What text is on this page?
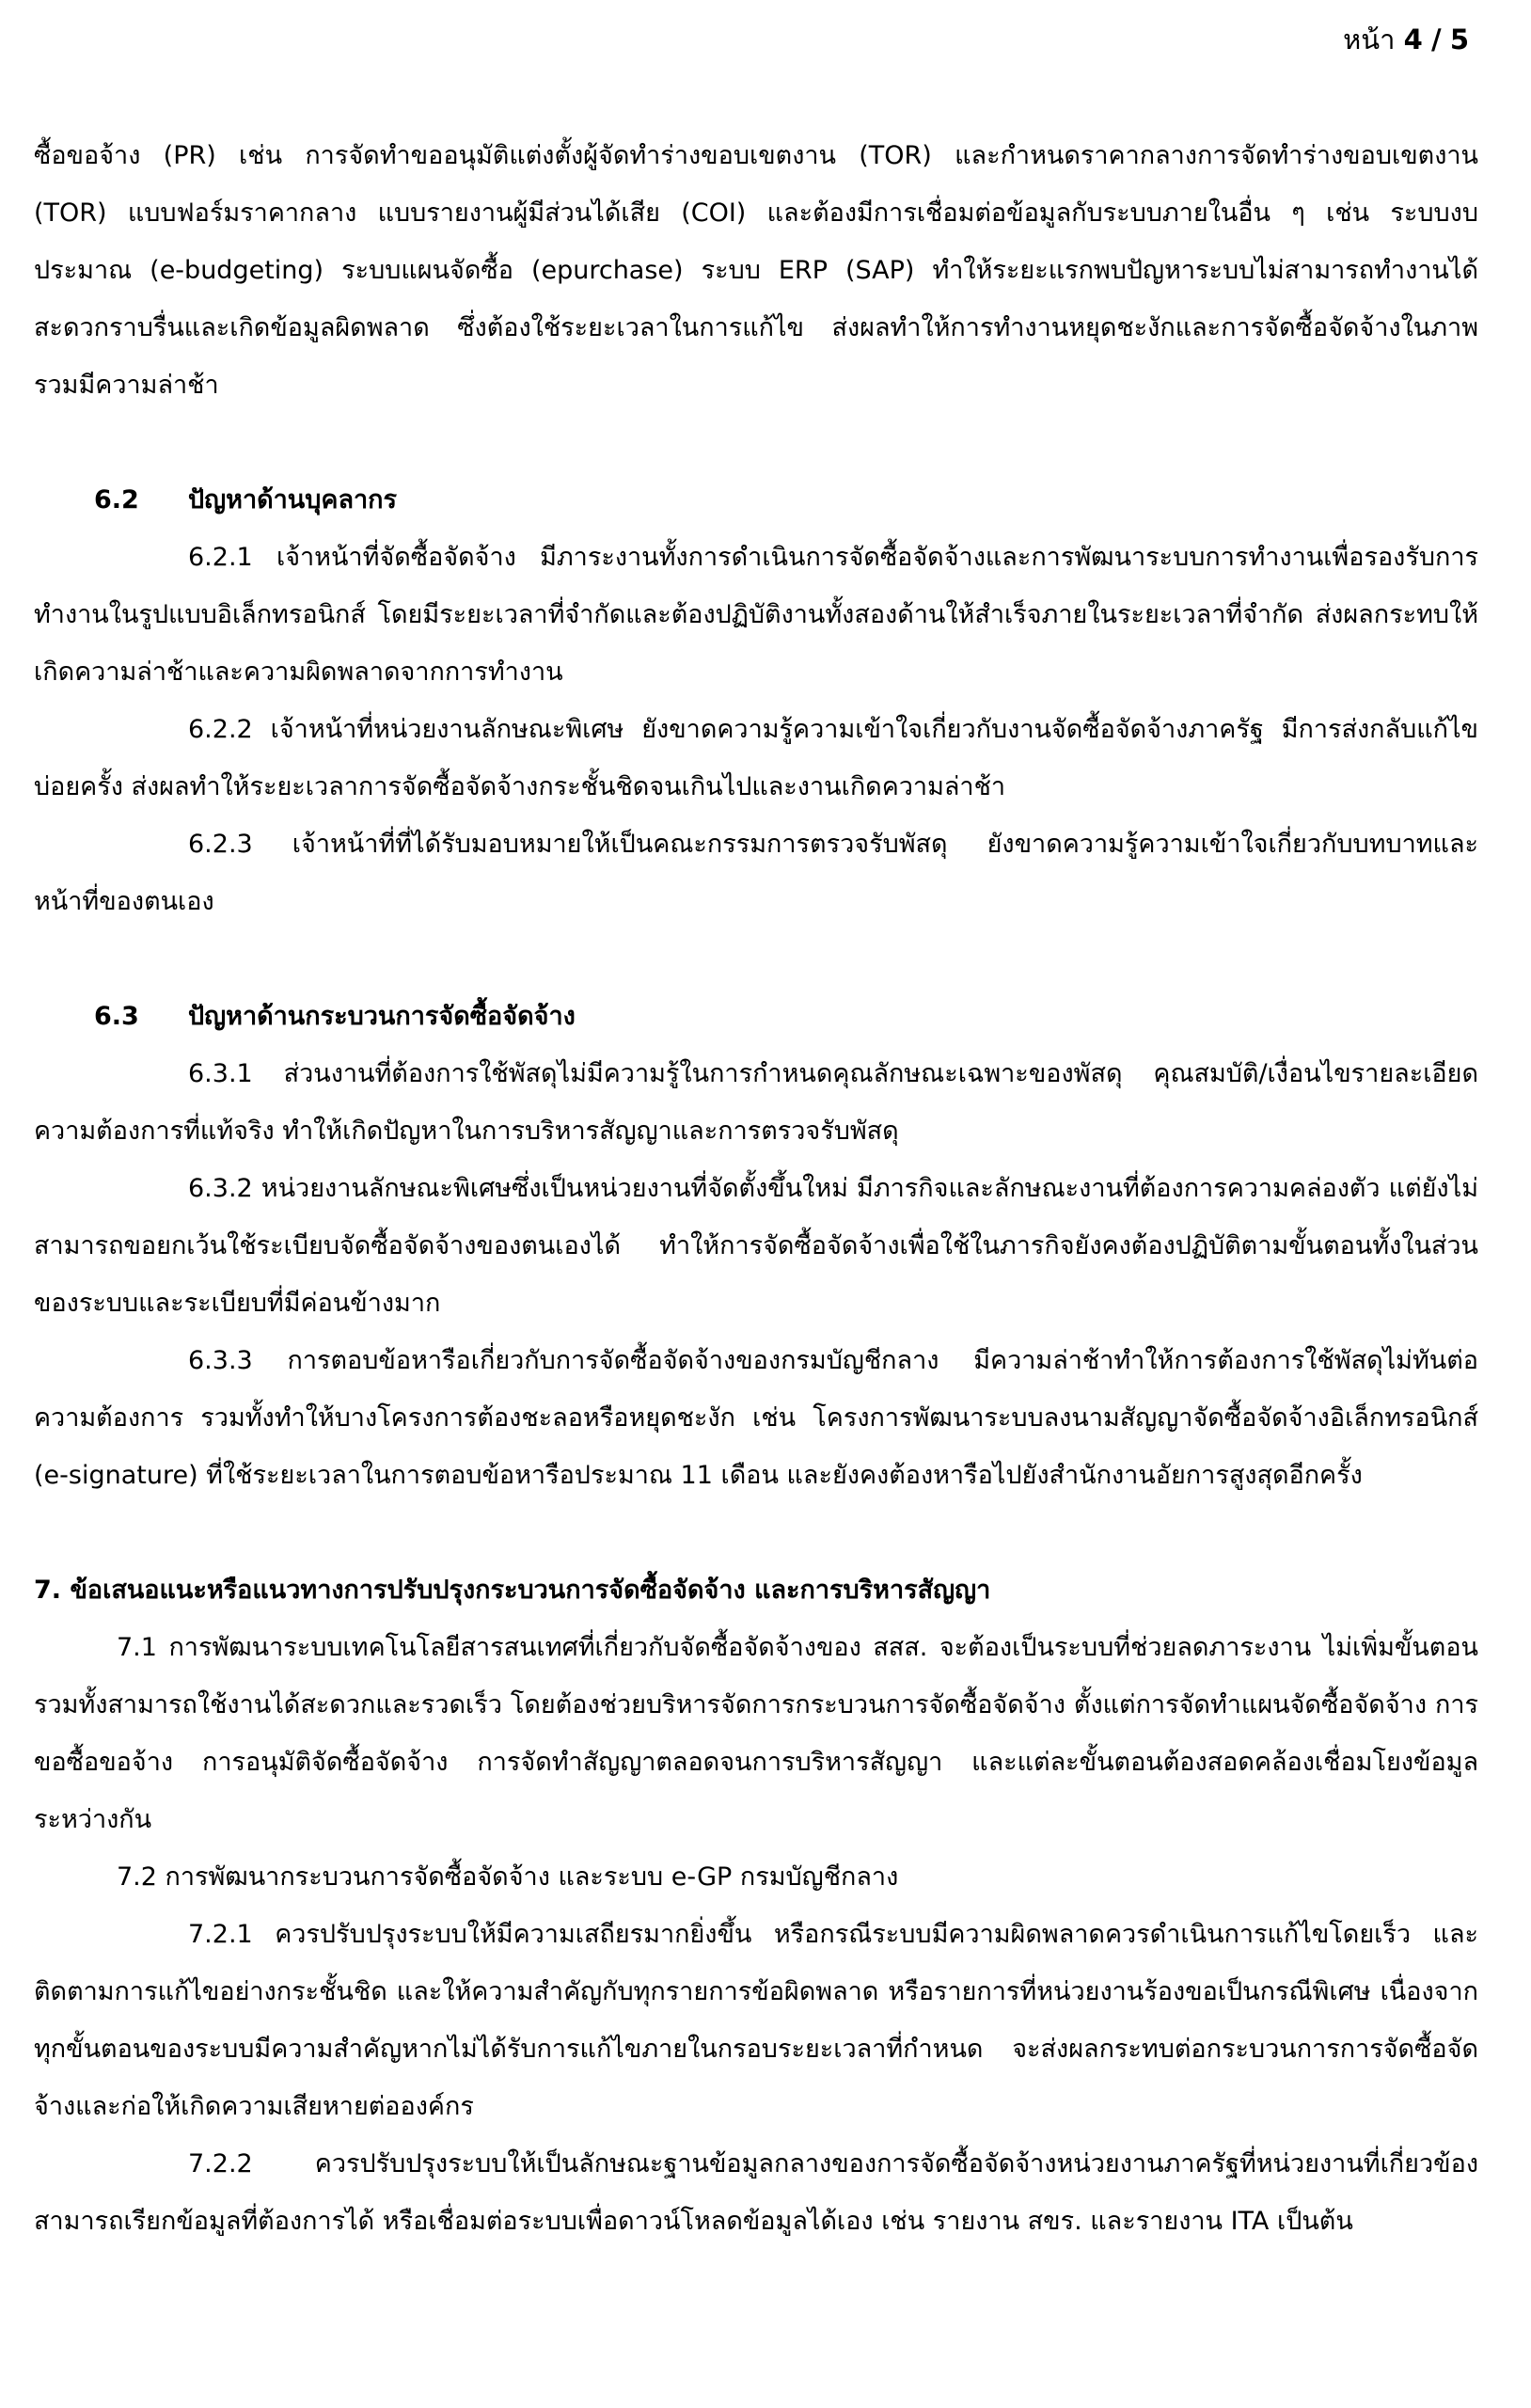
หน้า 4 / 5

ซื้อขอจ้าง (PR) เช่น การจัดทำขออนุมัติแต่งตั้งผู้จัดทำร่างขอบเขตงาน (TOR) และกำหนดราคากลางการจัดทำร่างขอบเขตงาน (TOR) แบบฟอร์มราคากลาง แบบรายงานผู้มีส่วนได้เสีย (COI) และต้องมีการเชื่อมต่อข้อมูลกับระบบภายในอื่น ๆ เช่น ระบบงบประมาณ (e-budgeting) ระบบแผนจัดซื้อ (epurchase) ระบบ ERP (SAP) ทำให้ระยะแรกพบปัญหาระบบไม่สามารถทำงานได้สะดวกราบรื่นและเกิดข้อมูลผิดพลาด ซึ่งต้องใช้ระยะเวลาในการแก้ไข ส่งผลทำให้การทำงานหยุดชะงักและการจัดซื้อจัดจ้างในภาพรวมมีความล่าช้า

6.2 ปัญหาด้านบุคลากร

6.2.1 เจ้าหน้าที่จัดซื้อจัดจ้าง มีภาระงานทั้งการดำเนินการจัดซื้อจัดจ้างและการพัฒนาระบบการทำงานเพื่อรองรับการทำงานในรูปแบบอิเล็กทรอนิกส์ โดยมีระยะเวลาที่จำกัดและต้องปฏิบัติงานทั้งสองด้านให้สำเร็จภายในระยะเวลาที่จำกัด ส่งผลกระทบให้เกิดความล่าช้าและความผิดพลาดจากการทำงาน

6.2.2 เจ้าหน้าที่หน่วยงานลักษณะพิเศษ ยังขาดความรู้ความเข้าใจเกี่ยวกับงานจัดซื้อจัดจ้างภาครัฐ มีการส่งกลับแก้ไขบ่อยครั้ง ส่งผลทำให้ระยะเวลาการจัดซื้อจัดจ้างกระชั้นชิดจนเกินไปและงานเกิดความล่าช้า

6.2.3 เจ้าหน้าที่ที่ได้รับมอบหมายให้เป็นคณะกรรมการตรวจรับพัสดุ ยังขาดความรู้ความเข้าใจเกี่ยวกับบทบาทและหน้าที่ของตนเอง

6.3 ปัญหาด้านกระบวนการจัดซื้อจัดจ้าง

6.3.1 ส่วนงานที่ต้องการใช้พัสดุไม่มีความรู้ในการกำหนดคุณลักษณะเฉพาะของพัสดุ คุณสมบัติ/เงื่อนไขรายละเอียดความต้องการที่แท้จริง ทำให้เกิดปัญหาในการบริหารสัญญาและการตรวจรับพัสดุ

6.3.2 หน่วยงานลักษณะพิเศษซึ่งเป็นหน่วยงานที่จัดตั้งขึ้นใหม่ มีภารกิจและลักษณะงานที่ต้องการความคล่องตัว แต่ยังไม่สามารถขอยกเว้นใช้ระเบียบจัดซื้อจัดจ้างของตนเองได้ ทำให้การจัดซื้อจัดจ้างเพื่อใช้ในภารกิจยังคงต้องปฏิบัติตามขั้นตอนทั้งในส่วนของระบบและระเบียบที่มีค่อนข้างมาก

6.3.3 การตอบข้อหารือเกี่ยวกับการจัดซื้อจัดจ้างของกรมบัญชีกลาง มีความล่าช้าทำให้การต้องการใช้พัสดุไม่ทันต่อความต้องการ รวมทั้งทำให้บางโครงการต้องชะลอหรือหยุดชะงัก เช่น โครงการพัฒนาระบบลงนามสัญญาจัดซื้อจัดจ้างอิเล็กทรอนิกส์ (e-signature) ที่ใช้ระยะเวลาในการตอบข้อหารือประมาณ 11 เดือน และยังคงต้องหารือไปยังสำนักงานอัยการสูงสุดอีกครั้ง

7. ข้อเสนอแนะหรือแนวทางการปรับปรุงกระบวนการจัดซื้อจัดจ้าง และการบริหารสัญญา

7.1 การพัฒนาระบบเทคโนโลยีสารสนเทศที่เกี่ยวกับจัดซื้อจัดจ้างของ สสส. จะต้องเป็นระบบที่ช่วยลดภาระงาน ไม่เพิ่มขั้นตอน รวมทั้งสามารถใช้งานได้สะดวกและรวดเร็ว โดยต้องช่วยบริหารจัดการกระบวนการจัดซื้อจัดจ้าง ตั้งแต่การจัดทำแผนจัดซื้อจัดจ้าง การขอซื้อขอจ้าง การอนุมัติจัดซื้อจัดจ้าง การจัดทำสัญญาตลอดจนการบริหารสัญญา และแต่ละขั้นตอนต้องสอดคล้องเชื่อมโยงข้อมูลระหว่างกัน

7.2 การพัฒนากระบวนการจัดซื้อจัดจ้าง และระบบ e-GP กรมบัญชีกลาง

7.2.1 ควรปรับปรุงระบบให้มีความเสถียรมากยิ่งขึ้น หรือกรณีระบบมีความผิดพลาดควรดำเนินการแก้ไขโดยเร็ว และติดตามการแก้ไขอย่างกระชั้นชิด และให้ความสำคัญกับทุกรายการข้อผิดพลาด หรือรายการที่หน่วยงานร้องขอเป็นกรณีพิเศษ เนื่องจากทุกขั้นตอนของระบบมีความสำคัญหากไม่ได้รับการแก้ไขภายในกรอบระยะเวลาที่กำหนด จะส่งผลกระทบต่อกระบวนการการจัดซื้อจัดจ้างและก่อให้เกิดความเสียหายต่อองค์กร

7.2.2 ควรปรับปรุงระบบให้เป็นลักษณะฐานข้อมูลกลางของการจัดซื้อจัดจ้างหน่วยงานภาครัฐที่หน่วยงานที่เกี่ยวข้องสามารถเรียกข้อมูลที่ต้องการได้ หรือเชื่อมต่อระบบเพื่อดาวน์โหลดข้อมูลได้เอง เช่น รายงาน สขร. และรายงาน ITA เป็นต้น
